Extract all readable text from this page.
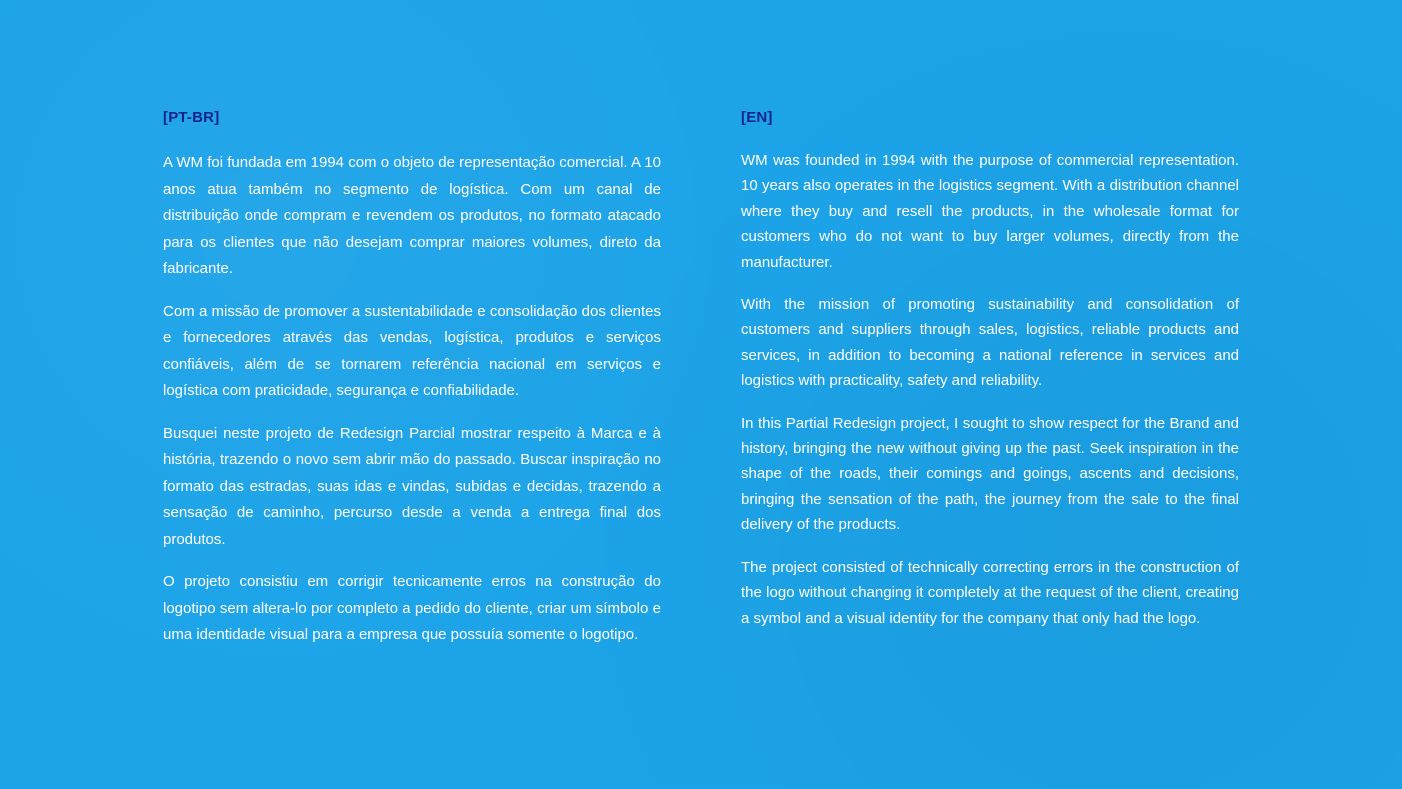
[PT-BR]

A WM foi fundada em 1994 com o objeto de representação comercial. A 10 anos atua também no segmento de logística. Com um canal de distribuição onde compram e revendem os produtos, no formato atacado para os clientes que não desejam comprar maiores volumes, direto da fabricante.

Com a missão de promover a sustentabilidade e consolidação dos clientes e fornecedores através das vendas, logística, produtos e serviços confiáveis, além de se tornarem referência nacional em serviços e logística com praticidade, segurança e confiabilidade.

Busquei neste projeto de Redesign Parcial mostrar respeito à Marca e à história, trazendo o novo sem abrir mão do passado. Buscar inspiração no formato das estradas, suas idas e vindas, subidas e decidas, trazendo a sensação de caminho, percurso desde a venda a entrega final dos produtos.

O projeto consistiu em corrigir tecnicamente erros na construção do logotipo sem altera-lo por completo a pedido do cliente, criar um símbolo e uma identidade visual para a empresa que possuía somente o logotipo.

[EN]

WM was founded in 1994 with the purpose of commercial representation. 10 years also operates in the logistics segment. With a distribution channel where they buy and resell the products, in the wholesale format for customers who do not want to buy larger volumes, directly from the manufacturer.

With the mission of promoting sustainability and consolidation of customers and suppliers through sales, logistics, reliable products and services, in addition to becoming a national reference in services and logistics with practicality, safety and reliability.

In this Partial Redesign project, I sought to show respect for the Brand and history, bringing the new without giving up the past. Seek inspiration in the shape of the roads, their comings and goings, ascents and decisions, bringing the sensation of the path, the journey from the sale to the final delivery of the products.

The project consisted of technically correcting errors in the construction of the logo without changing it completely at the request of the client, creating a symbol and a visual identity for the company that only had the logo.
